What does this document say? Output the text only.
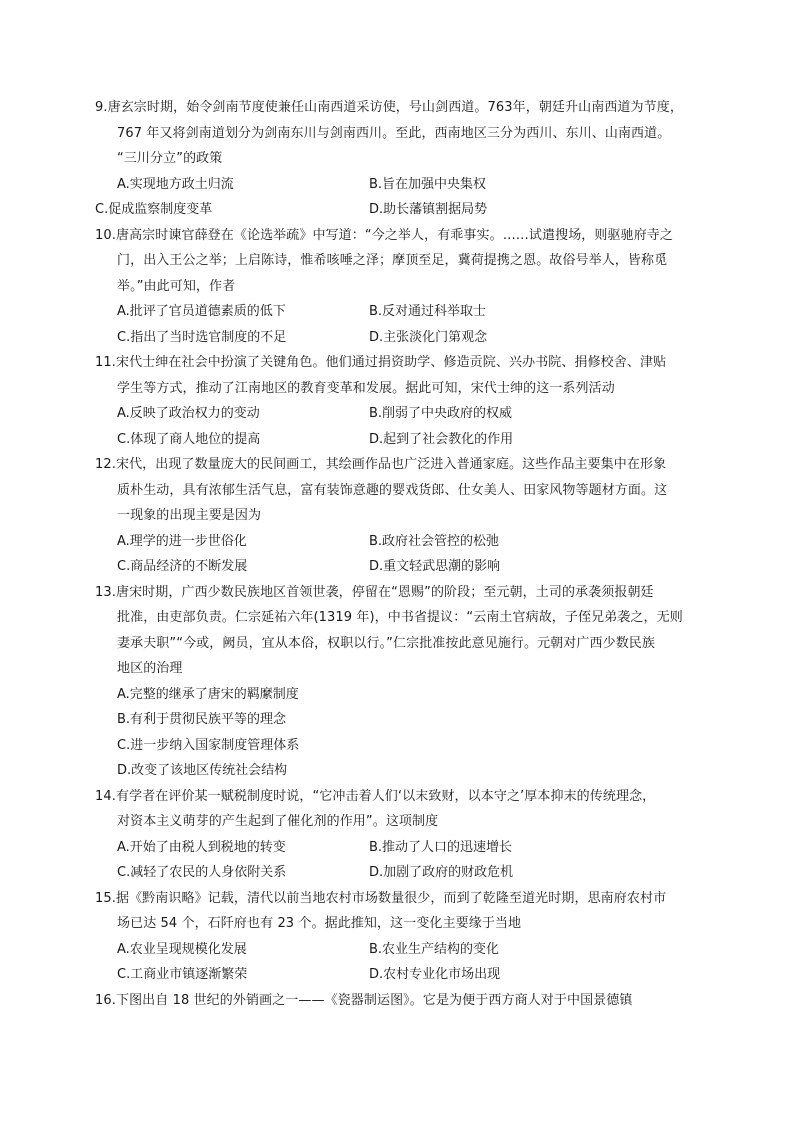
9.唐玄宗时期，始令剑南节度使兼任山南西道采访使，号山剑西道。763年，朝廷升山南西道为节度，
767 年又将剑南道划分为剑南东川与剑南西川。至此，西南地区三分为西川、东川、山南西道。
“三川分立”的政策
A.实现地方政土归流	B.旨在加强中央集权
C.促成监察制度变革	D.助长藩镇割据局势
10.唐高宗时谏官薛登在《论选举疏》中写道：“今之举人，有乖事实。……试遣搜场，则驱驰府寺之
门，出入王公之举；上启陈诗，惟希咳唾之泽；摩顶至足，冀荷提携之恩。故俗号举人，皆称觅
举。”由此可知，作者
A.批评了官员道德素质的低下	B.反对通过科举取士
C.指出了当时选官制度的不足	D.主张淡化门第观念
11.宋代士绅在社会中扮演了关键角色。他们通过捐资助学、修造贡院、兴办书院、捐修校舍、津贴
学生等方式，推动了江南地区的教育变革和发展。据此可知，宋代士绅的这一系列活动
A.反映了政治权力的变动	B.削弱了中央政府的权威
C.体现了商人地位的提高	D.起到了社会教化的作用
12.宋代，出现了数量庞大的民间画工，其绘画作品也广泛进入普通家庭。这些作品主要集中在形象
质朴生动，具有浓郁生活气息，富有装饰意趣的婴戏货郎、仕女美人、田家风物等题材方面。这
一现象的出现主要是因为
A.理学的进一步世俗化	B.政府社会管控的松弛
C.商品经济的不断发展	D.重文轻武思潮的影响
13.唐宋时期，广西少数民族地区首领世袭，停留在“恩赐”的阶段；至元朝，土司的承袭须报朝廷
批准，由吏部负责。仁宗延祐六年(1319 年)，中书省提议：“云南土官病故，子侄兄弟袭之，无则
妻承夫职”“今或，阙员，宜从本俗，权职以行。”仁宗批准按此意见施行。元朝对广西少数民族
地区的治理
A.完整的继承了唐宋的羁縻制度
B.有利于贯彻民族平等的理念
C.进一步纳入国家制度管理体系
D.改变了该地区传统社会结构
14.有学者在评价某一赋税制度时说，“它冲击着人们‘以末致财，以本守之’厚本抑末的传统理念，
对资本主义萌芽的产生起到了催化剂的作用”。这项制度
A.开始了由税人到税地的转变	B.推动了人口的迅速增长
C.减轻了农民的人身依附关系	D.加剧了政府的财政危机
15.据《黔南识略》记载，清代以前当地农村市场数量很少，而到了乾隆至道光时期，思南府农村市
场已达 54 个，石阡府也有 23 个。据此推知，这一变化主要缘于当地
A.农业呈现规模化发展	B.农业生产结构的变化
C.工商业市镇逐渐繁荣	D.农村专业化市场出现
16.下图出自 18 世纪的外销画之一——《瓷器制运图》。它是为便于西方商人对于中国景德镇
